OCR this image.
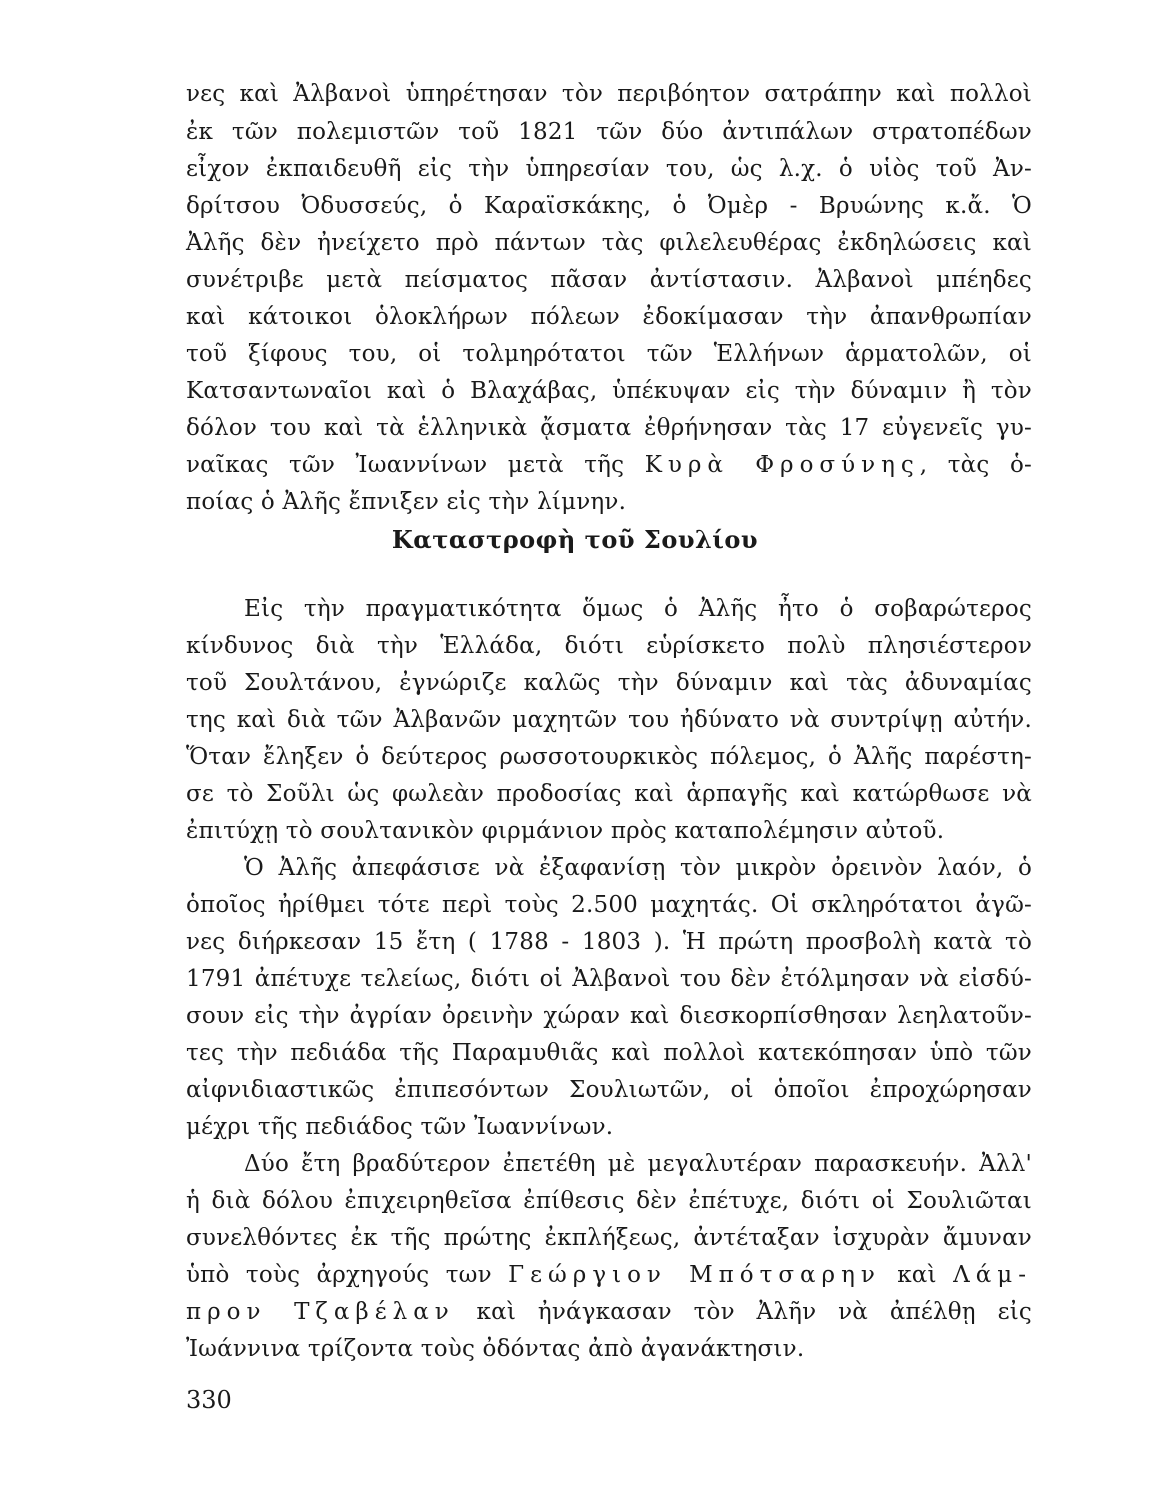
νες καὶ Ἀλβανοὶ ὑπηρέτησαν τὸν περιβόητον σατράπην καὶ πολλοὶ
ἐκ τῶν πολεμιστῶν τοῦ 1821 τῶν δύο ἀντιπάλων στρατοπέδων
εἶχον ἐκπαιδευθῆ εἰς τὴν ὑπηρεσίαν του, ὡς λ.χ. ὁ υἱὸς τοῦ Ἀν-
δρίτσου Ὀδυσσεύς, ὁ Καραϊσκάκης, ὁ Ὀμὲρ - Βρυώνης κ.ἄ. Ὁ
Ἀλῆς δὲν ἠνείχετο πρὸ πάντων τὰς φιλελευθέρας ἐκδηλώσεις καὶ
συνέτριβε μετὰ πείσματος πᾶσαν ἀντίστασιν. Ἀλβανοὶ μπέηδες
καὶ κάτοικοι ὁλοκλήρων πόλεων ἐδοκίμασαν τὴν ἀπανθρωπίαν
τοῦ ξίφους του, οἱ τολμηρότατοι τῶν Ἑλλήνων ἁρματολῶν, οἱ
Κατσαντωναῖοι καὶ ὁ Βλαχάβας, ὑπέκυψαν εἰς τὴν δύναμιν ἢ τὸν
δόλον του καὶ τὰ ἑλληνικὰ ᾄσματα ἐθρήνησαν τὰς 17 εὐγενεῖς γυ-
ναῖκας τῶν Ἰωαννίνων μετὰ τῆς Κυρὰ Φροσύνης, τὰς ὁ-
ποίας ὁ Ἀλῆς ἔπνιξεν εἰς τὴν λίμνην.
Καταστροφὴ τοῦ Σουλίου
Εἰς τὴν πραγματικότητα ὅμως ὁ Ἀλῆς ἦτο ὁ σοβαρώτερος
κίνδυνος διὰ τὴν Ἑλλάδα, διότι εὑρίσκετο πολὺ πλησιέστερον
τοῦ Σουλτάνου, ἐγνώριζε καλῶς τὴν δύναμιν καὶ τὰς ἀδυναμίας
της καὶ διὰ τῶν Ἀλβανῶν μαχητῶν του ἠδύνατο νὰ συντρίψῃ αὐτήν.
Ὅταν ἔληξεν ὁ δεύτερος ρωσσοτουρκικὸς πόλεμος, ὁ Ἀλῆς παρέστη-
σε τὸ Σοῦλι ὡς φωλεὰν προδοσίας καὶ ἁρπαγῆς καὶ κατώρθωσε νὰ
ἐπιτύχῃ τὸ σουλτανικὸν φιρμάνιον πρὸς καταπολέμησιν αὐτοῦ.
Ὁ Ἀλῆς ἀπεφάσισε νὰ ἐξαφανίσῃ τὸν μικρὸν ὀρεινὸν λαόν, ὁ
ὁποῖος ἠρίθμει τότε περὶ τοὺς 2.500 μαχητάς. Οἱ σκληρότατοι ἀγῶ-
νες διήρκεσαν 15 ἔτη ( 1788 - 1803 ). Ἡ πρώτη προσβολὴ κατὰ τὸ
1791 ἀπέτυχε τελείως, διότι οἱ Ἀλβανοὶ του δὲν ἐτόλμησαν νὰ εἰσδύ-
σουν εἰς τὴν ἀγρίαν ὀρεινὴν χώραν καὶ διεσκορπίσθησαν λεηλατοῦν-
τες τὴν πεδιάδα τῆς Παραμυθιᾶς καὶ πολλοὶ κατεκόπησαν ὑπὸ τῶν
αἰφνιδιαστικῶς ἐπιπεσόντων Σουλιωτῶν, οἱ ὁποῖοι ἐπροχώρησαν
μέχρι τῆς πεδιάδος τῶν Ἰωαννίνων.
Δύο ἔτη βραδύτερον ἐπετέθη μὲ μεγαλυτέραν παρασκευήν. Ἀλλ'
ἡ διὰ δόλου ἐπιχειρηθεῖσα ἐπίθεσις δὲν ἐπέτυχε, διότι οἱ Σουλιῶται
συνελθόντες ἐκ τῆς πρώτης ἐκπλήξεως, ἀντέταξαν ἰσχυρὰν ἄμυναν
ὑπὸ τοὺς ἀρχηγούς των Γεώργιον Μπότσαρην καὶ Λάμ-
πρoν Τζαβέλαν καὶ ἠνάγκασαν τὸν Ἀλῆν νὰ ἀπέλθῃ εἰς
Ἰωάννινα τρίζοντα τοὺς ὀδόντας ἀπὸ ἀγανάκτησιν.
330
